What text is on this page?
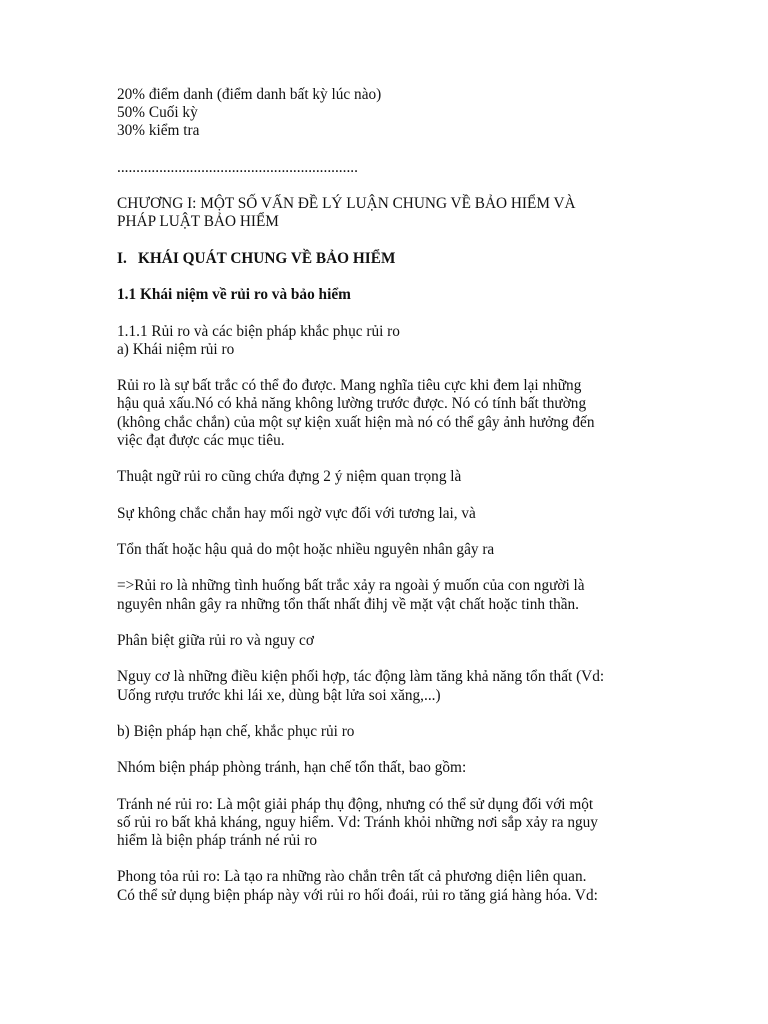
20% điểm danh (điểm danh bất kỳ lúc nào)
50% Cuối kỳ
30% kiểm tra

...............................................................

CHƯƠNG I: MỘT SỐ VẤN ĐỀ LÝ LUẬN CHUNG VỀ BẢO HIỂM VÀ
PHÁP LUẬT BẢO HIỂM

I. KHÁI QUÁT CHUNG VỀ BẢO HIỂM

1.1 Khái niệm về rủi ro và bảo hiểm

1.1.1 Rủi ro và các biện pháp khắc phục rủi ro
a) Khái niệm rủi ro

Rủi ro là sự bất trắc có thể đo được. Mang nghĩa tiêu cực khi đem lại những
hậu quả xấu.Nó có khả năng không lường trước được. Nó có tính bất thường
(không chắc chắn) của một sự kiện xuất hiện mà nó có thể gây ảnh hưởng đến
việc đạt được các mục tiêu.

Thuật ngữ rủi ro cũng chứa đựng 2 ý niệm quan trọng là

Sự không chắc chắn hay mối ngờ vực đối với tương lai, và

Tổn thất hoặc hậu quả do một hoặc nhiều nguyên nhân gây ra

=>Rủi ro là những tình huống bất trắc xảy ra ngoài ý muốn của con người là
nguyên nhân gây ra những tổn thất nhất đihj về mặt vật chất hoặc tinh thần.

Phân biệt giữa rủi ro và nguy cơ

Nguy cơ là những điều kiện phối hợp, tác động làm tăng khả năng tổn thất (Vd:
Uống rượu trước khi lái xe, dùng bật lửa soi xăng,...)

b) Biện pháp hạn chế, khắc phục rủi ro

Nhóm biện pháp phòng tránh, hạn chế tổn thất, bao gồm:

Tránh né rủi ro: Là một giải pháp thụ động, nhưng có thể sử dụng đối với một
số rủi ro bất khả kháng, nguy hiểm. Vd: Tránh khỏi những nơi sắp xảy ra nguy
hiểm là biện pháp tránh né rủi ro

Phong tỏa rủi ro: Là tạo ra những rào chắn trên tất cả phương diện liên quan.
Có thể sử dụng biện pháp này với rủi ro hối đoái, rủi ro tăng giá hàng hóa. Vd:
